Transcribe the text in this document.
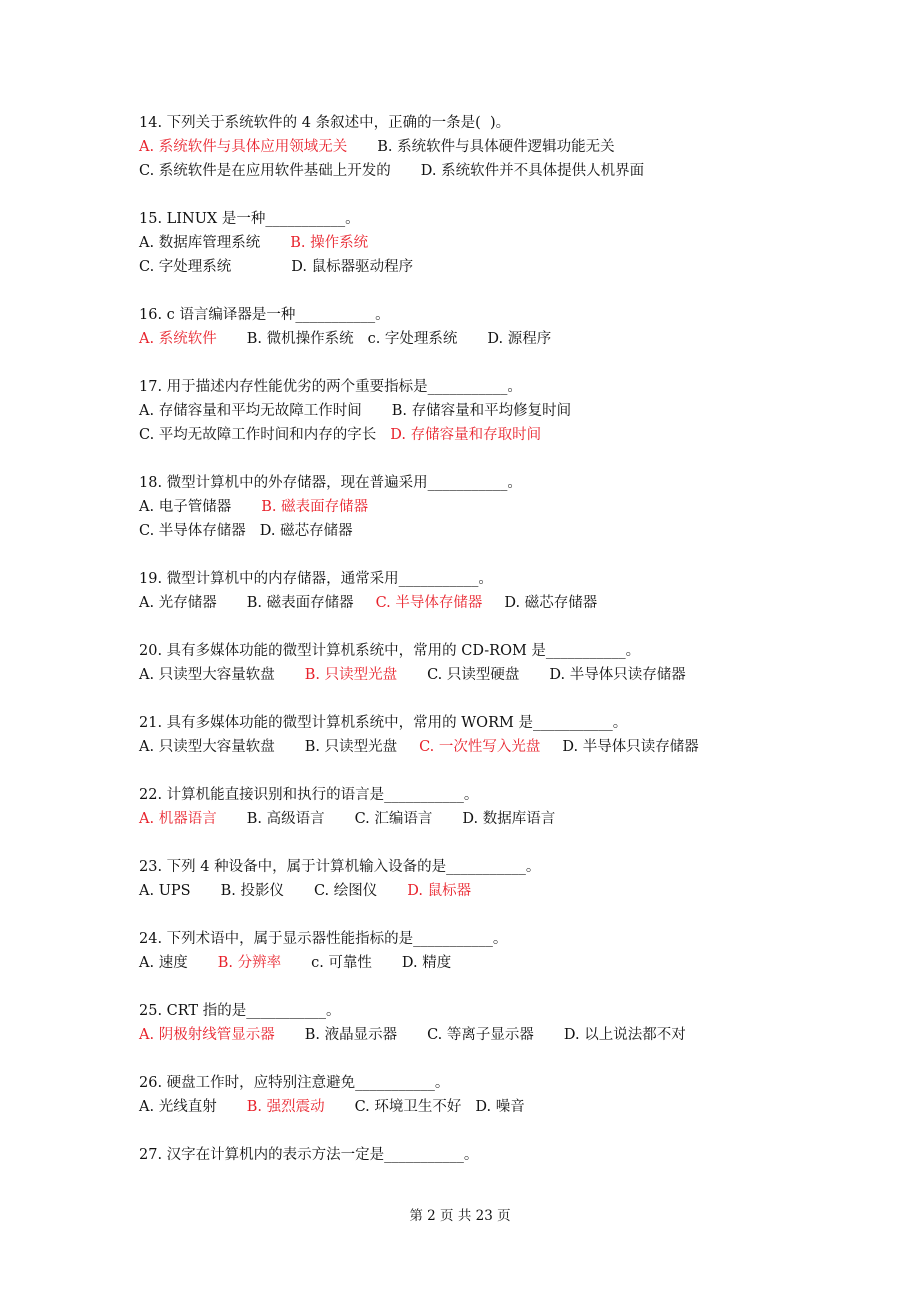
14. 下列关于系统软件的 4 条叙述中，正确的一条是(  )。
A. 系统软件与具体应用领域无关 B. 系统软件与具体硬件逻辑功能无关
C. 系统软件是在应用软件基础上开发的 D. 系统软件并不具体提供人机界面
15. LINUX 是一种___________。
A. 数据库管理系统 B. 操作系统
C. 字处理系统	D. 鼠标器驱动程序
16. c 语言编译器是一种___________。
A. 系统软件 B. 微机操作系统 c. 字处理系统 D. 源程序
17. 用于描述内存性能优劣的两个重要指标是___________。
A. 存储容量和平均无故障工作时间 B. 存储容量和平均修复时间
C. 平均无故障工作时间和内存的字长 D. 存储容量和存取时间
18. 微型计算机中的外存储器，现在普遍采用___________。
A. 电子管储器 B. 磁表面存储器
C. 半导体存储器 D. 磁芯存储器
19. 微型计算机中的内存储器，通常采用___________。
A. 光存储器 B. 磁表面存储器 C. 半导体存储器 D. 磁芯存储器
20. 具有多媒体功能的微型计算机系统中，常用的 CD-ROM 是___________。
A. 只读型大容量软盘 B. 只读型光盘 C. 只读型硬盘 D. 半导体只读存储器
21. 具有多媒体功能的微型计算机系统中，常用的 WORM 是___________。
A. 只读型大容量软盘 B. 只读型光盘 C. 一次性写入光盘 D. 半导体只读存储器
22. 计算机能直接识别和执行的语言是___________。
A. 机器语言 B. 高级语言 C. 汇编语言 D. 数据库语言
23. 下列 4 种设备中，属于计算机输入设备的是___________。
A. UPS B. 投影仪 C. 绘图仪 D. 鼠标器
24. 下列术语中，属于显示器性能指标的是___________。
A. 速度 B. 分辨率 c. 可靠性 D. 精度
25. CRT 指的是___________。
A. 阴极射线管显示器 B. 液晶显示器 C. 等离子显示器 D. 以上说法都不对
26. 硬盘工作时，应特别注意避免___________。
A. 光线直射 B. 强烈震动 C. 环境卫生不好 D. 噪音
27. 汉字在计算机内的表示方法一定是___________。
第 2 页 共 23 页
